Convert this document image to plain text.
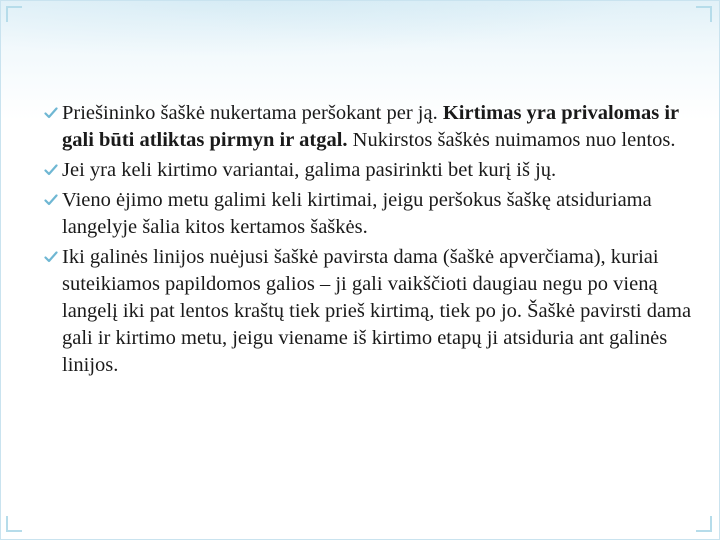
Priešininko šaškė nukertama peršokant per ją. Kirtimas yra privalomas ir gali būti atliktas pirmyn ir atgal. Nukirstos šaškės nuimamos nuo lentos.
Jei yra keli kirtimo variantai, galima pasirinkti bet kurį iš jų.
Vieno ėjimo metu galimi keli kirtimai, jeigu peršokus šaškę atsiduriama langelyje šalia kitos kertamos šaškės.
Iki galinės linijos nuėjusi šaškė pavirsta dama (šaškė apverčiama), kuriai suteikiamos papildomos galios – ji gali vaikščioti daugiau negu po vieną langelį iki pat lentos kraštų tiek prieš kirtimą, tiek po jo. Šaškė pavirsti dama gali ir kirtimo metu, jeigu viename iš kirtimo etapų ji atsiduria ant galinės linijos.
